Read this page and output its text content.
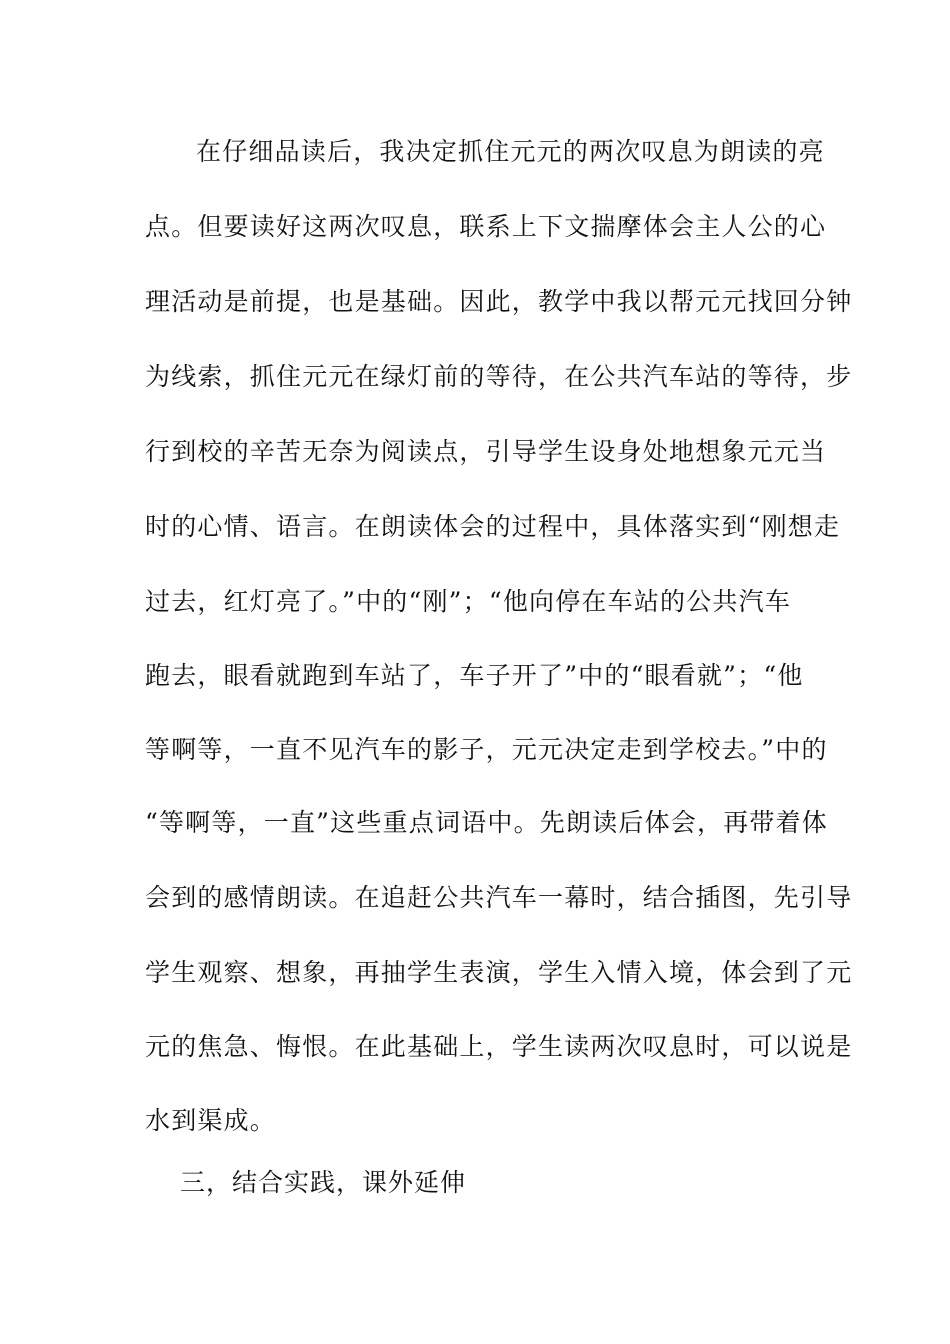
在仔细品读后，我决定抓住元元的两次叹息为朗读的亮
点。但要读好这两次叹息，联系上下文揣摩体会主人公的心
理活动是前提，也是基础。因此，教学中我以帮元元找回分钟
为线索，抓住元元在绿灯前的等待，在公共汽车站的等待，步
行到校的辛苦无奈为阅读点，引导学生设身处地想象元元当
时的心情、语言。在朗读体会的过程中，具体落实到“刚想走
过去，红灯亮了。”中的“刚”；“他向停在车站的公共汽车
跑去，眼看就跑到车站了，车子开了”中的“眼看就”；“他
等啊等，一直不见汽车的影子，元元决定走到学校去。”中的
“等啊等，一直”这些重点词语中。先朗读后体会，再带着体
会到的感情朗读。在追赶公共汽车一幕时，结合插图，先引导
学生观察、想象，再抽学生表演，学生入情入境，体会到了元
元的焦急、悔恨。在此基础上，学生读两次叹息时，可以说是
水到渠成。
三，结合实践，课外延伸
